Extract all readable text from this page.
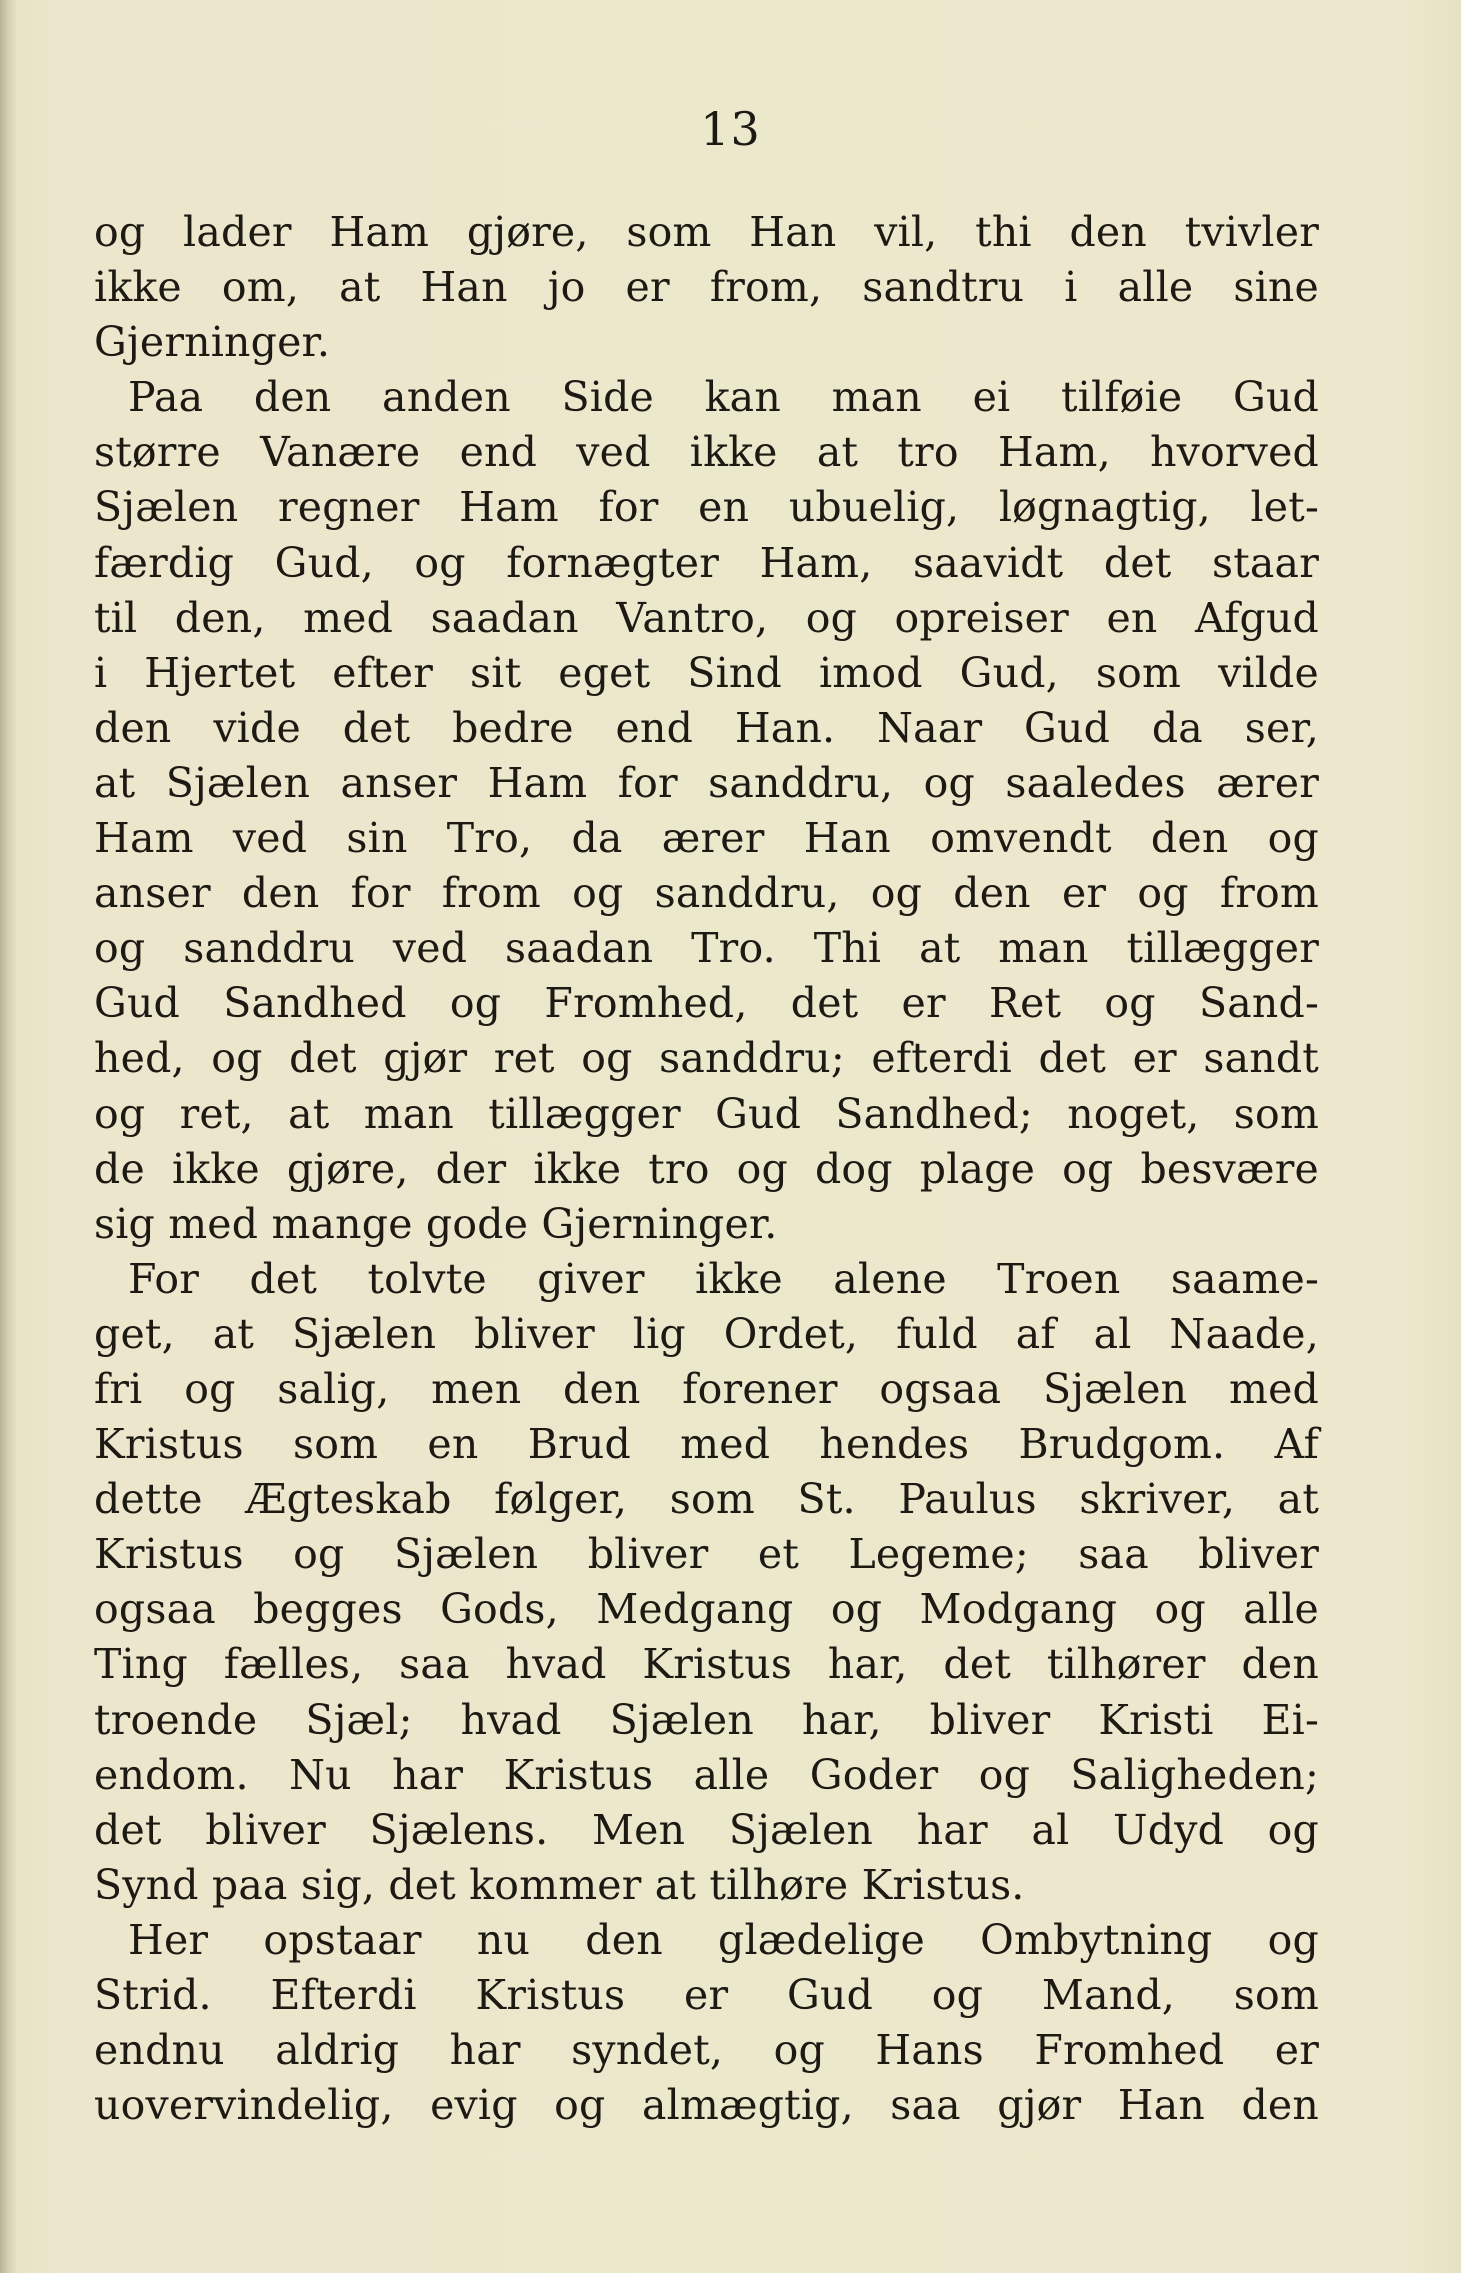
13
og lader Ham gjøre, som Han vil, thi den tvivler
ikke om, at Han jo er from, sandtru i alle sine
Gjerninger.
Paa den anden Side kan man ei tilføie Gud
større Vanære end ved ikke at tro Ham, hvorved
Sjælen regner Ham for en ubuelig, løgnagtig, let-
færdig Gud, og fornægter Ham, saavidt det staar
til den, med saadan Vantro, og opreiser en Afgud
i Hjertet efter sit eget Sind imod Gud, som vilde
den vide det bedre end Han. Naar Gud da ser,
at Sjælen anser Ham for sanddru, og saaledes ærer
Ham ved sin Tro, da ærer Han omvendt den og
anser den for from og sanddru, og den er og from
og sanddru ved saadan Tro. Thi at man tillægger
Gud Sandhed og Fromhed, det er Ret og Sand-
hed, og det gjør ret og sanddru; efterdi det er sandt
og ret, at man tillægger Gud Sandhed; noget, som
de ikke gjøre, der ikke tro og dog plage og besvære
sig med mange gode Gjerninger.
For det tolvte giver ikke alene Troen saame-
get, at Sjælen bliver lig Ordet, fuld af al Naade,
fri og salig, men den forener ogsaa Sjælen med
Kristus som en Brud med hendes Brudgom. Af
dette Ægteskab følger, som St. Paulus skriver, at
Kristus og Sjælen bliver et Legeme; saa bliver
ogsaa begges Gods, Medgang og Modgang og alle
Ting fælles, saa hvad Kristus har, det tilhører den
troende Sjæl; hvad Sjælen har, bliver Kristi Ei-
endom. Nu har Kristus alle Goder og Saligheden;
det bliver Sjælens. Men Sjælen har al Udyd og
Synd paa sig, det kommer at tilhøre Kristus.
Her opstaar nu den glædelige Ombytning og
Strid. Efterdi Kristus er Gud og Mand, som
endnu aldrig har syndet, og Hans Fromhed er
uovervindelig, evig og almægtig, saa gjør Han den
